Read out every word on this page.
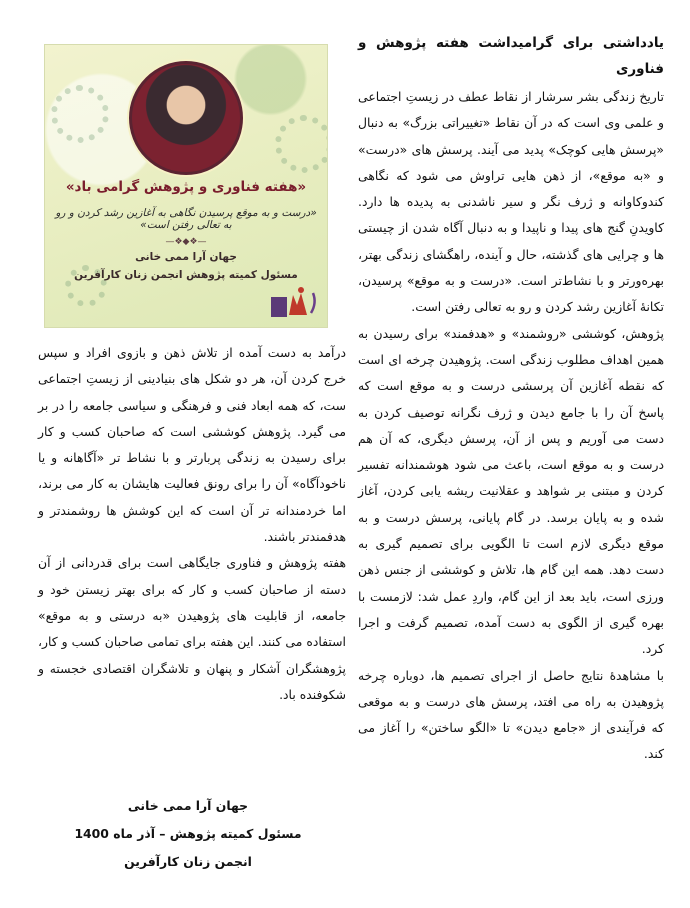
«هفته فناوری و پژوهش گرامی باد»
«درست و به موقع پرسیدن نگاهی به آغازین رشد کردن و رو به تعالی رفتن است»
—❖◆❖—
جهان آرا ممی خانی
مسئول کمیته پژوهش انجمن زنان کارآفرین

یادداشتی برای گرامیداشت هفته پژوهش و فناوری

تاریخ زندگی بشر سرشار از نقاط عطف در زیستِ اجتماعی و علمی وی است که در آن نقاط «تغییراتی بزرگ» به دنبال «پرسش هایی کوچک» پدید می آیند. پرسش های «درست» و «به موقع»، از ذهن هایی تراوش می شود که نگاهی کندوکاوانه و ژرف نگر و سیر ناشدنی به پدیده ها دارد. کاویدنِ گنج های پیدا و ناپیدا و به دنبال آگاه شدن از چیستی ها و چرایی های گذشته، حال و آینده، راهگشای زندگی بهتر، بهره‌ورتر و با نشاط‌تر است. «درست و به موقع» پرسیدن، تکانهٔ آغازین رشد کردن و رو به تعالی رفتن است.

پژوهش، کوششی «روشمند» و «هدفمند» برای رسیدن به همین اهداف مطلوب زندگی است. پژوهیدن چرخه ای است که نقطه آغازین آن پرسشی درست و به موقع است که پاسخ آن را با جامع دیدن و ژرف نگرانه توصیف کردن به دست می آوریم و پس از آن، پرسش دیگری، که آن هم درست و به موقع است، باعث می شود هوشمندانه تفسیر کردن و مبتنی بر شواهد و عقلانیت ریشه یابی کردن، آغاز شده و به پایان برسد. در گام پایانی، پرسش درست و به موقع دیگری لازم است تا الگویی برای تصمیم گیری به دست دهد. همه این گام ها، تلاش و کوششی از جنس ذهن ورزی است، باید بعد از این گام، واردِ عمل شد: لازمست با بهره گیری از الگوی به دست آمده، تصمیم گرفت و اجرا کرد.

با مشاهدهٔ نتایج حاصل از اجرای تصمیم ها، دوباره چرخه پژوهیدن به راه می افتد، پرسش های درست و به موقعی که فرآیندی از «جامع دیدن» تا «الگو ساختن» را آغاز می کند.

درآمد به دست آمده از تلاش ذهن و بازوی افراد و سپس خرج کردن آن، هر دو شکل های بنیادینی از زیستِ اجتماعی ست، که همه ابعاد فنی و فرهنگی و سیاسی جامعه را در بر می گیرد. پژوهش کوششی است که صاحبان کسب و کار برای رسیدن به زندگی پربارتر و با نشاط تر «آگاهانه و یا ناخودآگاه» آن را برای رونق فعالیت هایشان به کار می برند، اما خردمندانه تر آن است که این کوشش ها روشمندتر و هدفمندتر باشند.

هفته پژوهش و فناوری جایگاهی است برای قدردانی از آن دسته از صاحبان کسب و کار که برای بهتر زیستن خود و جامعه، از قابلیت های پژوهیدن «به درستی و به موقع» استفاده می کنند. این هفته برای تمامی صاحبان کسب و کار، پژوهشگران آشکار و پنهان و تلاشگران اقتصادی خجسته و شکوفنده باد.

جهان آرا ممی خانی

مسئول کمیته پژوهش – آذر ماه 1400

انجمن زنان کارآفرین
